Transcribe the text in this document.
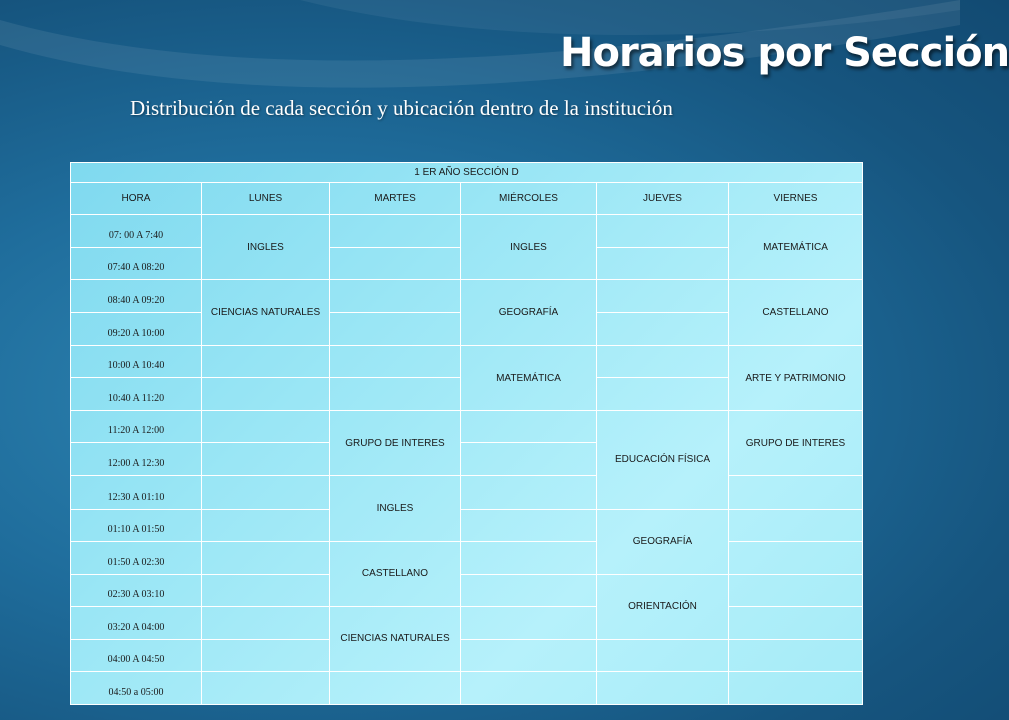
Horarios por Sección
Distribución de cada sección y ubicación dentro de la institución
1 ER AÑO SECCIÓN D					
HORA	LUNES	MARTES	MIÉRCOLES	JUEVES	VIERNES
07: 00 A 7:40	INGLES		INGLES		MATEMÁTICA
07:40 A 08:20					
08:40 A 09:20	CIENCIAS NATURALES		GEOGRAFÍA		CASTELLANO
09:20 A 10:00					
10:00 A 10:40			MATEMÁTICA		ARTE Y PATRIMONIO
10:40 A 11:20					
11:20 A 12:00		GRUPO DE INTERES		EDUCACIÓN FÍSICA	GRUPO DE INTERES
12:00 A 12:30					
12:30 A 01:10		INGLES			
01:10 A 01:50				GEOGRAFÍA	
01:50 A 02:30		CASTELLANO			
02:30 A 03:10				ORIENTACIÓN	
03:20 A 04:00		CIENCIAS NATURALES			
04:00 A 04:50					
04:50 a 05:00					
